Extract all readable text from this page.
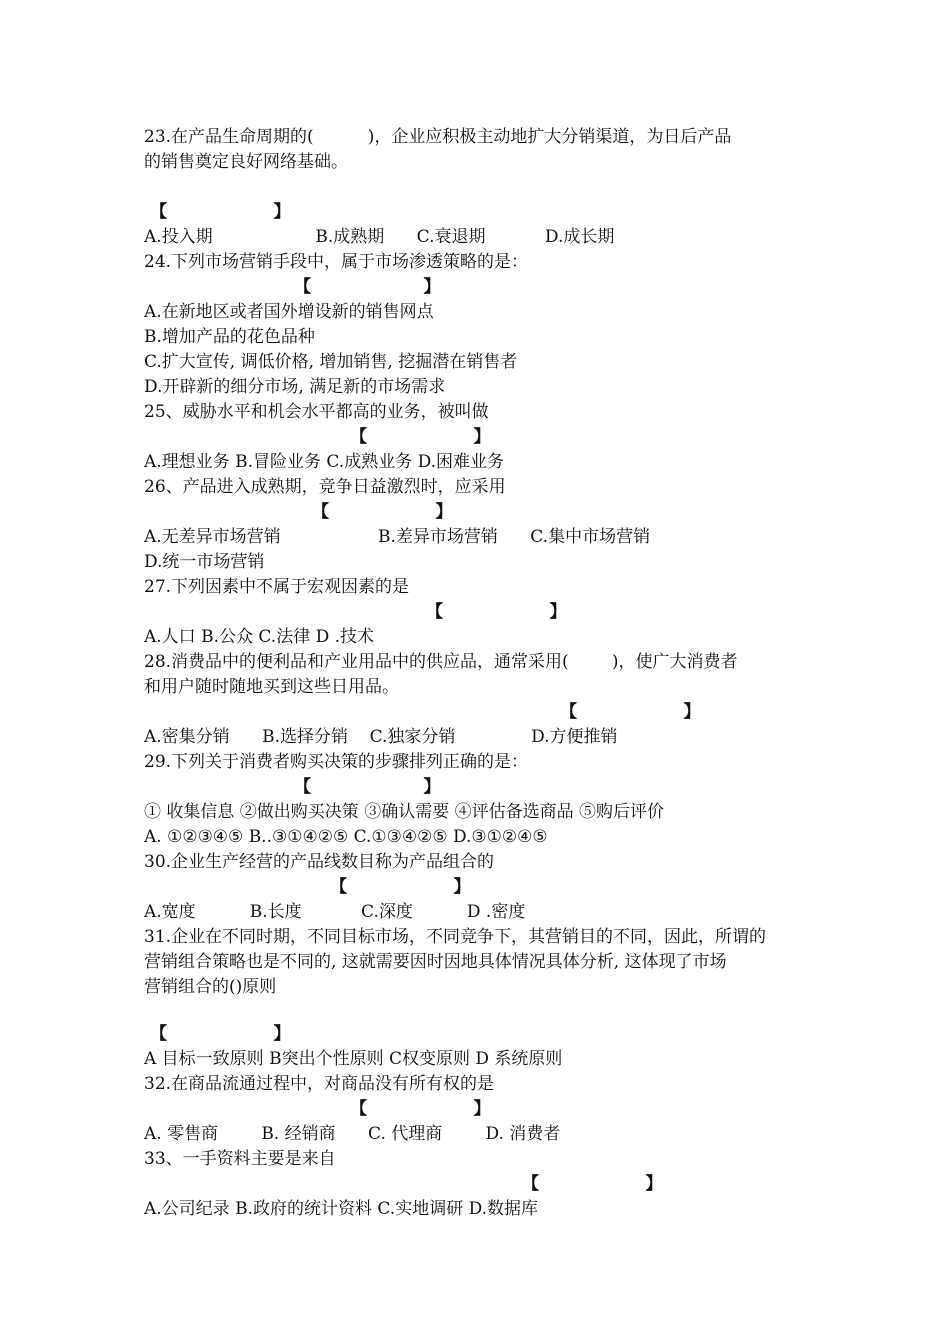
23.在产品生命周期的(          )，企业应积极主动地扩大分销渠道，为日后产品
的销售奠定良好网络基础。
【                  】
A.投入期                   B.成熟期      C.衰退期           D.成长期
24.下列市场营销手段中，属于市场渗透策略的是：
【                   】
A.在新地区或者国外增设新的销售网点
B.增加产品的花色品种
C.扩大宣传, 调低价格, 增加销售, 挖掘潜在销售者
D.开辟新的细分市场, 满足新的市场需求
25、威胁水平和机会水平都高的业务，被叫做
【                  】
A.理想业务 B.冒险业务 C.成熟业务 D.困难业务
26、产品进入成熟期，竞争日益激烈时，应采用
【                  】
A.无差异市场营销                  B.差异市场营销      C.集中市场营销
D.统一市场营销
27.下列因素中不属于宏观因素的是
【                  】
A.人口 B.公众 C.法律 D .技术
28.消费品中的便利品和产业用品中的供应品，通常采用(        )，使广大消费者
和用户随时随地买到这些日用品。
【                  】
A.密集分销      B.选择分销    C.独家分销              D.方便推销
29.下列关于消费者购买决策的步骤排列正确的是：
【                   】
① 收集信息 ②做出购买决策 ③确认需要 ④评估备选商品 ⑤购后评价
A. ①②③④⑤ B..③①④②⑤ C.①③④②⑤ D.③①②④⑤
30.企业生产经营的产品线数目称为产品组合的
【                  】
A.宽度          B.长度           C.深度          D .密度
31.企业在不同时期，不同目标市场，不同竞争下，其营销目的不同，因此，所谓的
营销组合策略也是不同的, 这就需要因时因地具体情况具体分析, 这体现了市场
营销组合的()原则
【                  】
A 目标一致原则 B突出个性原则 C权变原则 D 系统原则
32.在商品流通过程中，对商品没有所有权的是
【                  】
A. 零售商        B. 经销商      C. 代理商        D. 消费者
33、一手资料主要是来自
【                  】
A.公司纪录 B.政府的统计资料 C.实地调研 D.数据库
